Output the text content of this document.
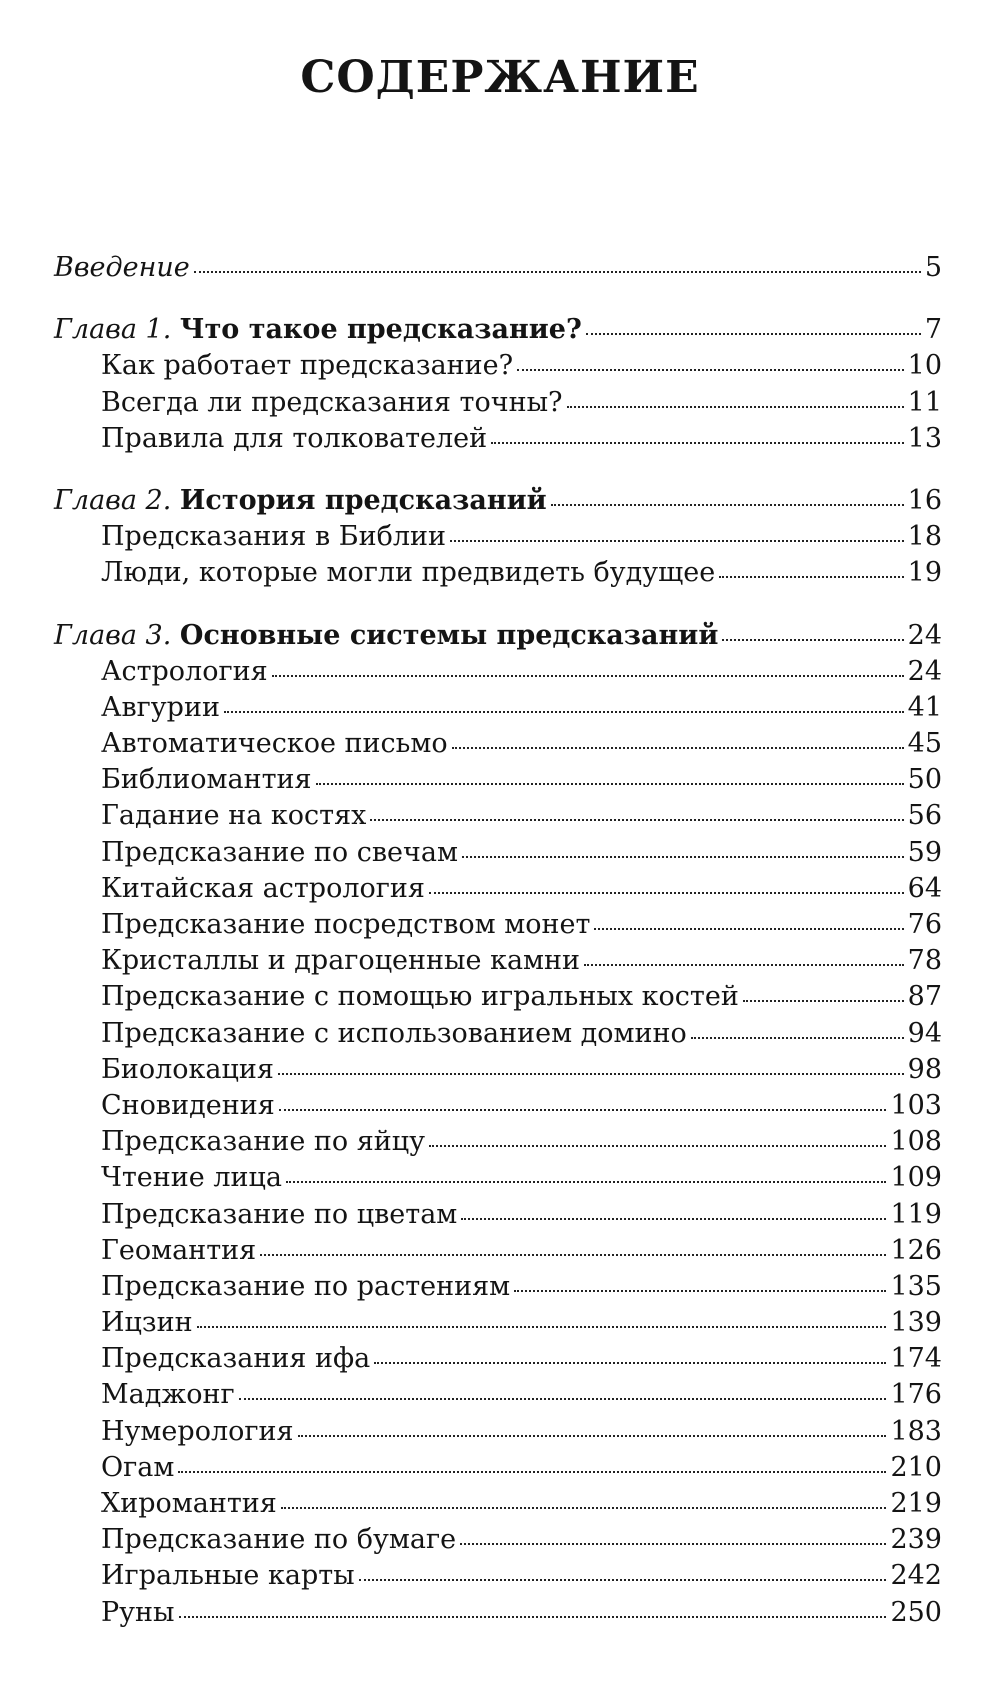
СОДЕРЖАНИЕ
Введение	5
Глава 1. Что такое предсказание?	7
Как работает предсказание?	10
Всегда ли предсказания точны?	11
Правила для толкователей	13
Глава 2. История предсказаний	16
Предсказания в Библии	18
Люди, которые могли предвидеть будущее	19
Глава 3. Основные системы предсказаний	24
Астрология	24
Авгурии	41
Автоматическое письмо	45
Библиомантия	50
Гадание на костях	56
Предсказание по свечам	59
Китайская астрология	64
Предсказание посредством монет	76
Кристаллы и драгоценные камни	78
Предсказание с помощью игральных костей	87
Предсказание с использованием домино	94
Биолокация	98
Сновидения	103
Предсказание по яйцу	108
Чтение лица	109
Предсказание по цветам	119
Геомантия	126
Предсказание по растениям	135
Ицзин	139
Предсказания ифа	174
Маджонг	176
Нумерология	183
Огам	210
Хиромантия	219
Предсказание по бумаге	239
Игральные карты	242
Руны	250
